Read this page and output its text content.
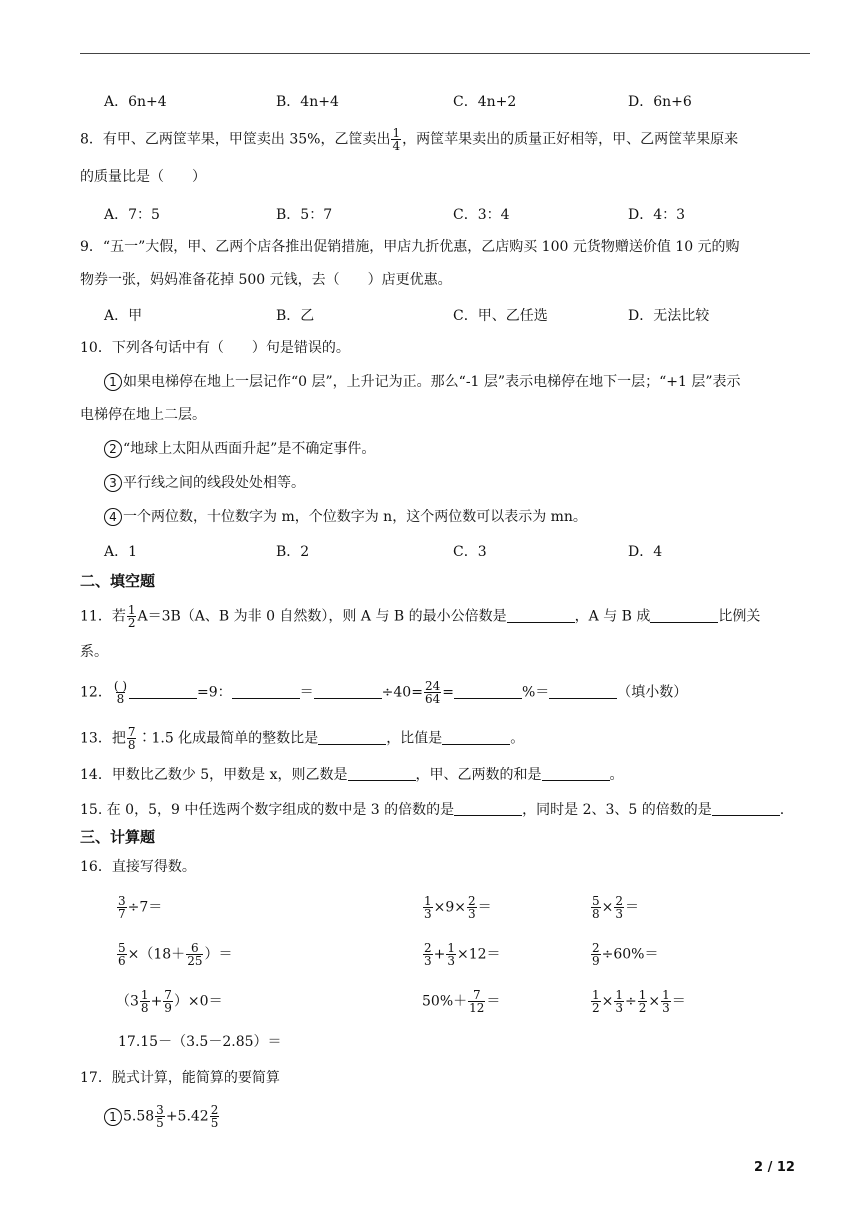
A．6n+4	B．4n+4	C．4n+2	D．6n+6
8．有甲、乙两筐苹果，甲筐卖出 35%，乙筐卖出 $\frac{1}{4}$ ，两筐苹果卖出的质量正好相等，甲、乙两筐苹果原来
的质量比是（　　）
A．7：5	B．5：7	C．3：4	D．4：3
9．“五一”大假，甲、乙两个店各推出促销措施，甲店九折优惠，乙店购买 100 元货物赠送价值 10 元的购
物券一张，妈妈准备花掉 500 元钱，去（　　）店更优惠。
A．甲	B．乙	C．甲、乙任选	D．无法比较
10．下列各句话中有（　　）句是错误的。
1 如果电梯停在地上一层记作“0 层”，上升记为正。那么“-1 层”表示电梯停在地下一层；“+1 层”表示
电梯停在地上二层。
2 “地球上太阳从西面升起”是不确定事件。
3 平行线之间的线段处处相等。
4 一个两位数，十位数字为 m，个位数字为 n，这个两位数可以表示为 mn。
A．1	B．2	C．3	D．4
二、填空题
11．若 $\frac{1}{2} A=3B(A$、B 为非 0 自然数），则 A 与 B 的最小公倍数是	，A 与 B 成	比例关
系。
12． $\frac{( )}{8}$	=9：	＝	$\div 40= \frac{24}{64}$ =	%＝	（填小数）
13．把 $\frac{7}{8}$ ∶1.5 化成最简单的整数比是	，比值是	。
14．甲数比乙数少 5，甲数是 x，则乙数是	，甲、乙两数的和是	。
15. 在 0，5，9 中任选两个数字组成的数中是 3 的倍数的是	，同时是 2、3、5 的倍数的是	.
三、计算题
16．直接写得数。
$\frac{3}{7} \div 7=$	$\frac{1}{3} \times 9\times \frac{2}{3}$ ＝	$\frac{5}{8} \times \frac{2}{3}$ ＝
$\frac{5}{6} \times(18+ \frac{6}{25}$ ）＝	$\frac{2}{3} + \frac{1}{3} \times 12=$	$\frac{2}{9} \div 60\%=$
$(3 \frac{1}{8} + \frac{7}{9} )\times 0=$	$50\%+ \frac{7}{12}$ ＝	$\frac{1}{2} \times \frac{1}{3} \div \frac{1}{2} \times \frac{1}{3}$ ＝
17.15－（3.5－2.85）＝
17．脱式计算，能简算的要简算
1 $5.58 \frac{3}{5} +5.42 \frac{2}{5}$
2 / 12
